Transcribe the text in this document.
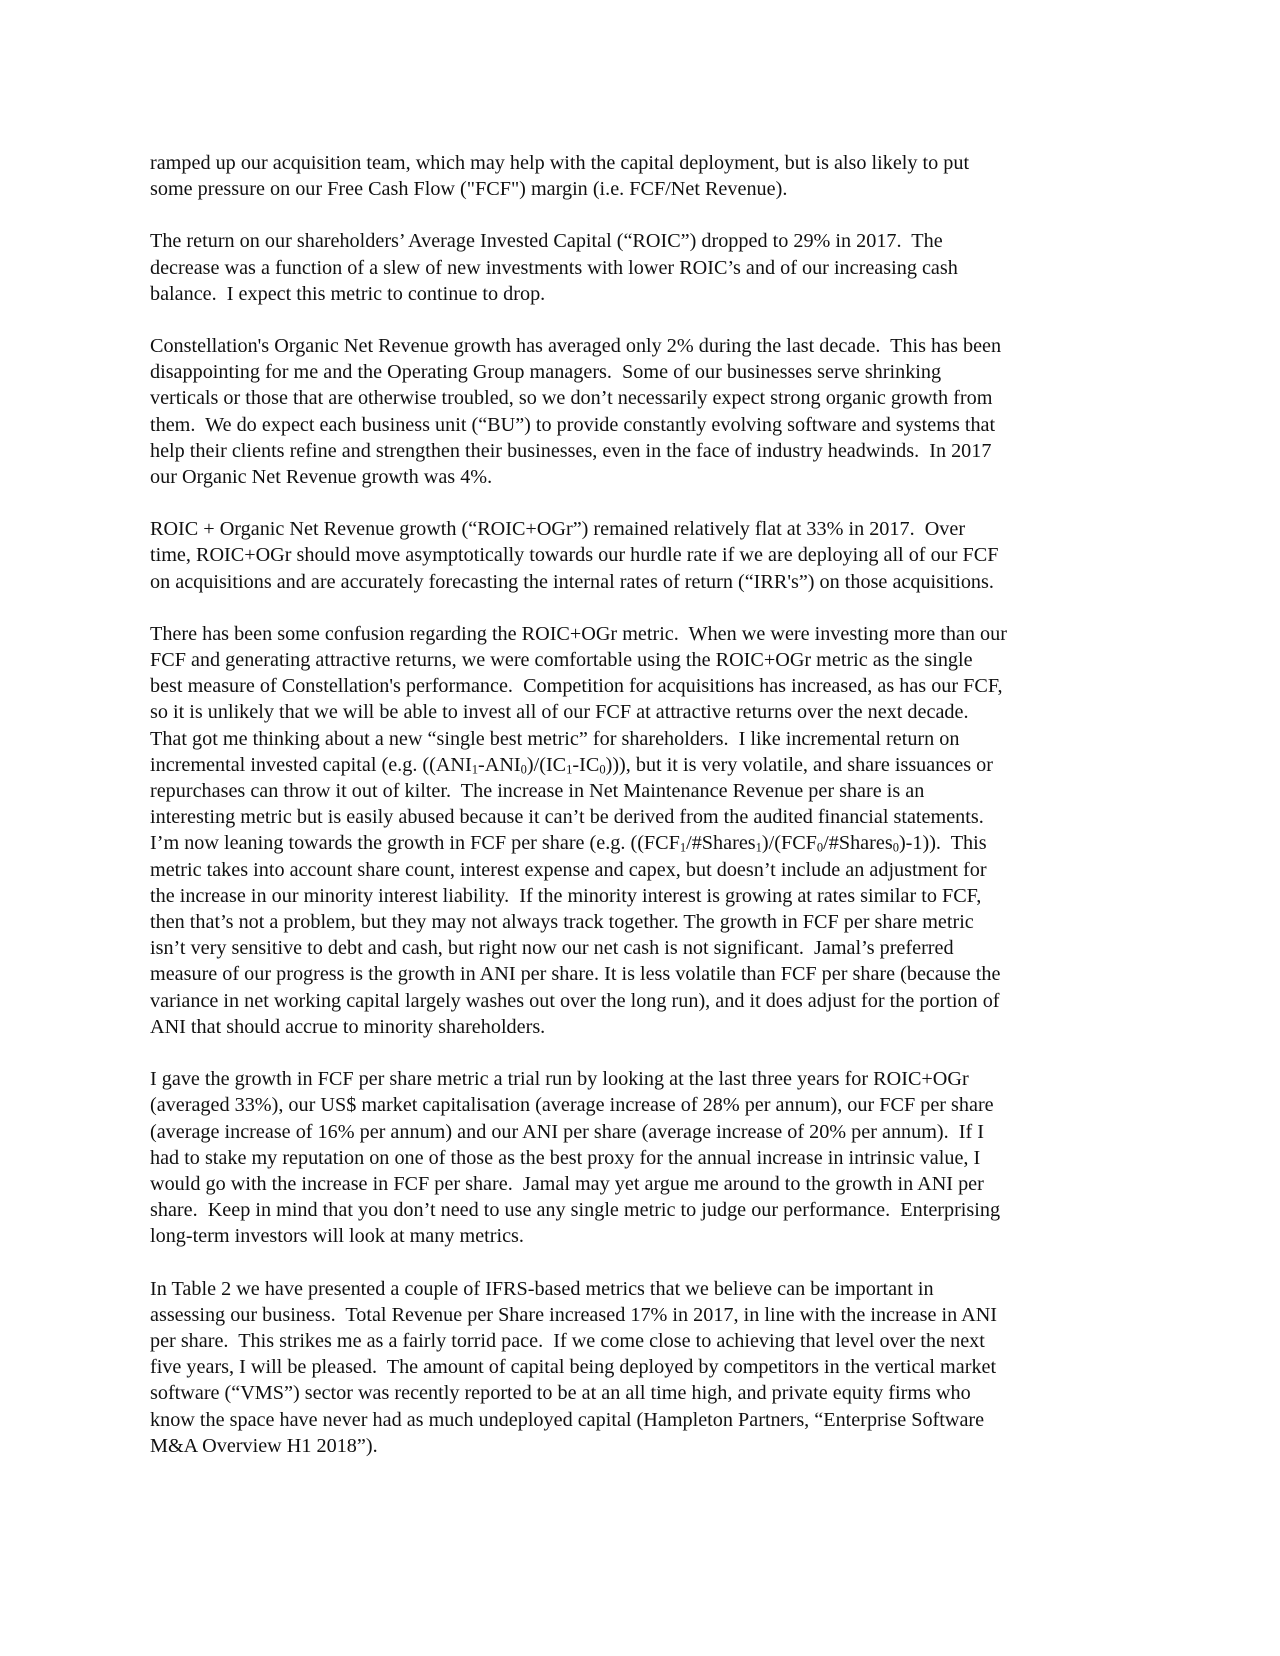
ramped up our acquisition team, which may help with the capital deployment, but is also likely to put
some pressure on our Free Cash Flow ("FCF") margin (i.e. FCF/Net Revenue).

The return on our shareholders’ Average Invested Capital (“ROIC”) dropped to 29% in 2017.  The
decrease was a function of a slew of new investments with lower ROIC’s and of our increasing cash
balance.  I expect this metric to continue to drop.

Constellation's Organic Net Revenue growth has averaged only 2% during the last decade.  This has been
disappointing for me and the Operating Group managers.  Some of our businesses serve shrinking
verticals or those that are otherwise troubled, so we don’t necessarily expect strong organic growth from
them.  We do expect each business unit (“BU”) to provide constantly evolving software and systems that
help their clients refine and strengthen their businesses, even in the face of industry headwinds.  In 2017
our Organic Net Revenue growth was 4%.

ROIC + Organic Net Revenue growth (“ROIC+OGr”) remained relatively flat at 33% in 2017.  Over
time, ROIC+OGr should move asymptotically towards our hurdle rate if we are deploying all of our FCF
on acquisitions and are accurately forecasting the internal rates of return (“IRR's”) on those acquisitions.

There has been some confusion regarding the ROIC+OGr metric.  When we were investing more than our
FCF and generating attractive returns, we were comfortable using the ROIC+OGr metric as the single
best measure of Constellation's performance.  Competition for acquisitions has increased, as has our FCF,
so it is unlikely that we will be able to invest all of our FCF at attractive returns over the next decade.
That got me thinking about a new “single best metric” for shareholders.  I like incremental return on
incremental invested capital (e.g. ((ANI1-ANI0)/(IC1-IC0))), but it is very volatile, and share issuances or
repurchases can throw it out of kilter.  The increase in Net Maintenance Revenue per share is an
interesting metric but is easily abused because it can’t be derived from the audited financial statements.
I’m now leaning towards the growth in FCF per share (e.g. ((FCF1/#Shares1)/(FCF0/#Shares0)-1)).  This
metric takes into account share count, interest expense and capex, but doesn’t include an adjustment for
the increase in our minority interest liability.  If the minority interest is growing at rates similar to FCF,
then that’s not a problem, but they may not always track together. The growth in FCF per share metric
isn’t very sensitive to debt and cash, but right now our net cash is not significant.  Jamal’s preferred
measure of our progress is the growth in ANI per share. It is less volatile than FCF per share (because the
variance in net working capital largely washes out over the long run), and it does adjust for the portion of
ANI that should accrue to minority shareholders.

I gave the growth in FCF per share metric a trial run by looking at the last three years for ROIC+OGr
(averaged 33%), our US$ market capitalisation (average increase of 28% per annum), our FCF per share
(average increase of 16% per annum) and our ANI per share (average increase of 20% per annum).  If I
had to stake my reputation on one of those as the best proxy for the annual increase in intrinsic value, I
would go with the increase in FCF per share.  Jamal may yet argue me around to the growth in ANI per
share.  Keep in mind that you don’t need to use any single metric to judge our performance.  Enterprising
long-term investors will look at many metrics.

In Table 2 we have presented a couple of IFRS-based metrics that we believe can be important in
assessing our business.  Total Revenue per Share increased 17% in 2017, in line with the increase in ANI
per share.  This strikes me as a fairly torrid pace.  If we come close to achieving that level over the next
five years, I will be pleased.  The amount of capital being deployed by competitors in the vertical market
software (“VMS”) sector was recently reported to be at an all time high, and private equity firms who
know the space have never had as much undeployed capital (Hampleton Partners, “Enterprise Software
M&A Overview H1 2018”).
